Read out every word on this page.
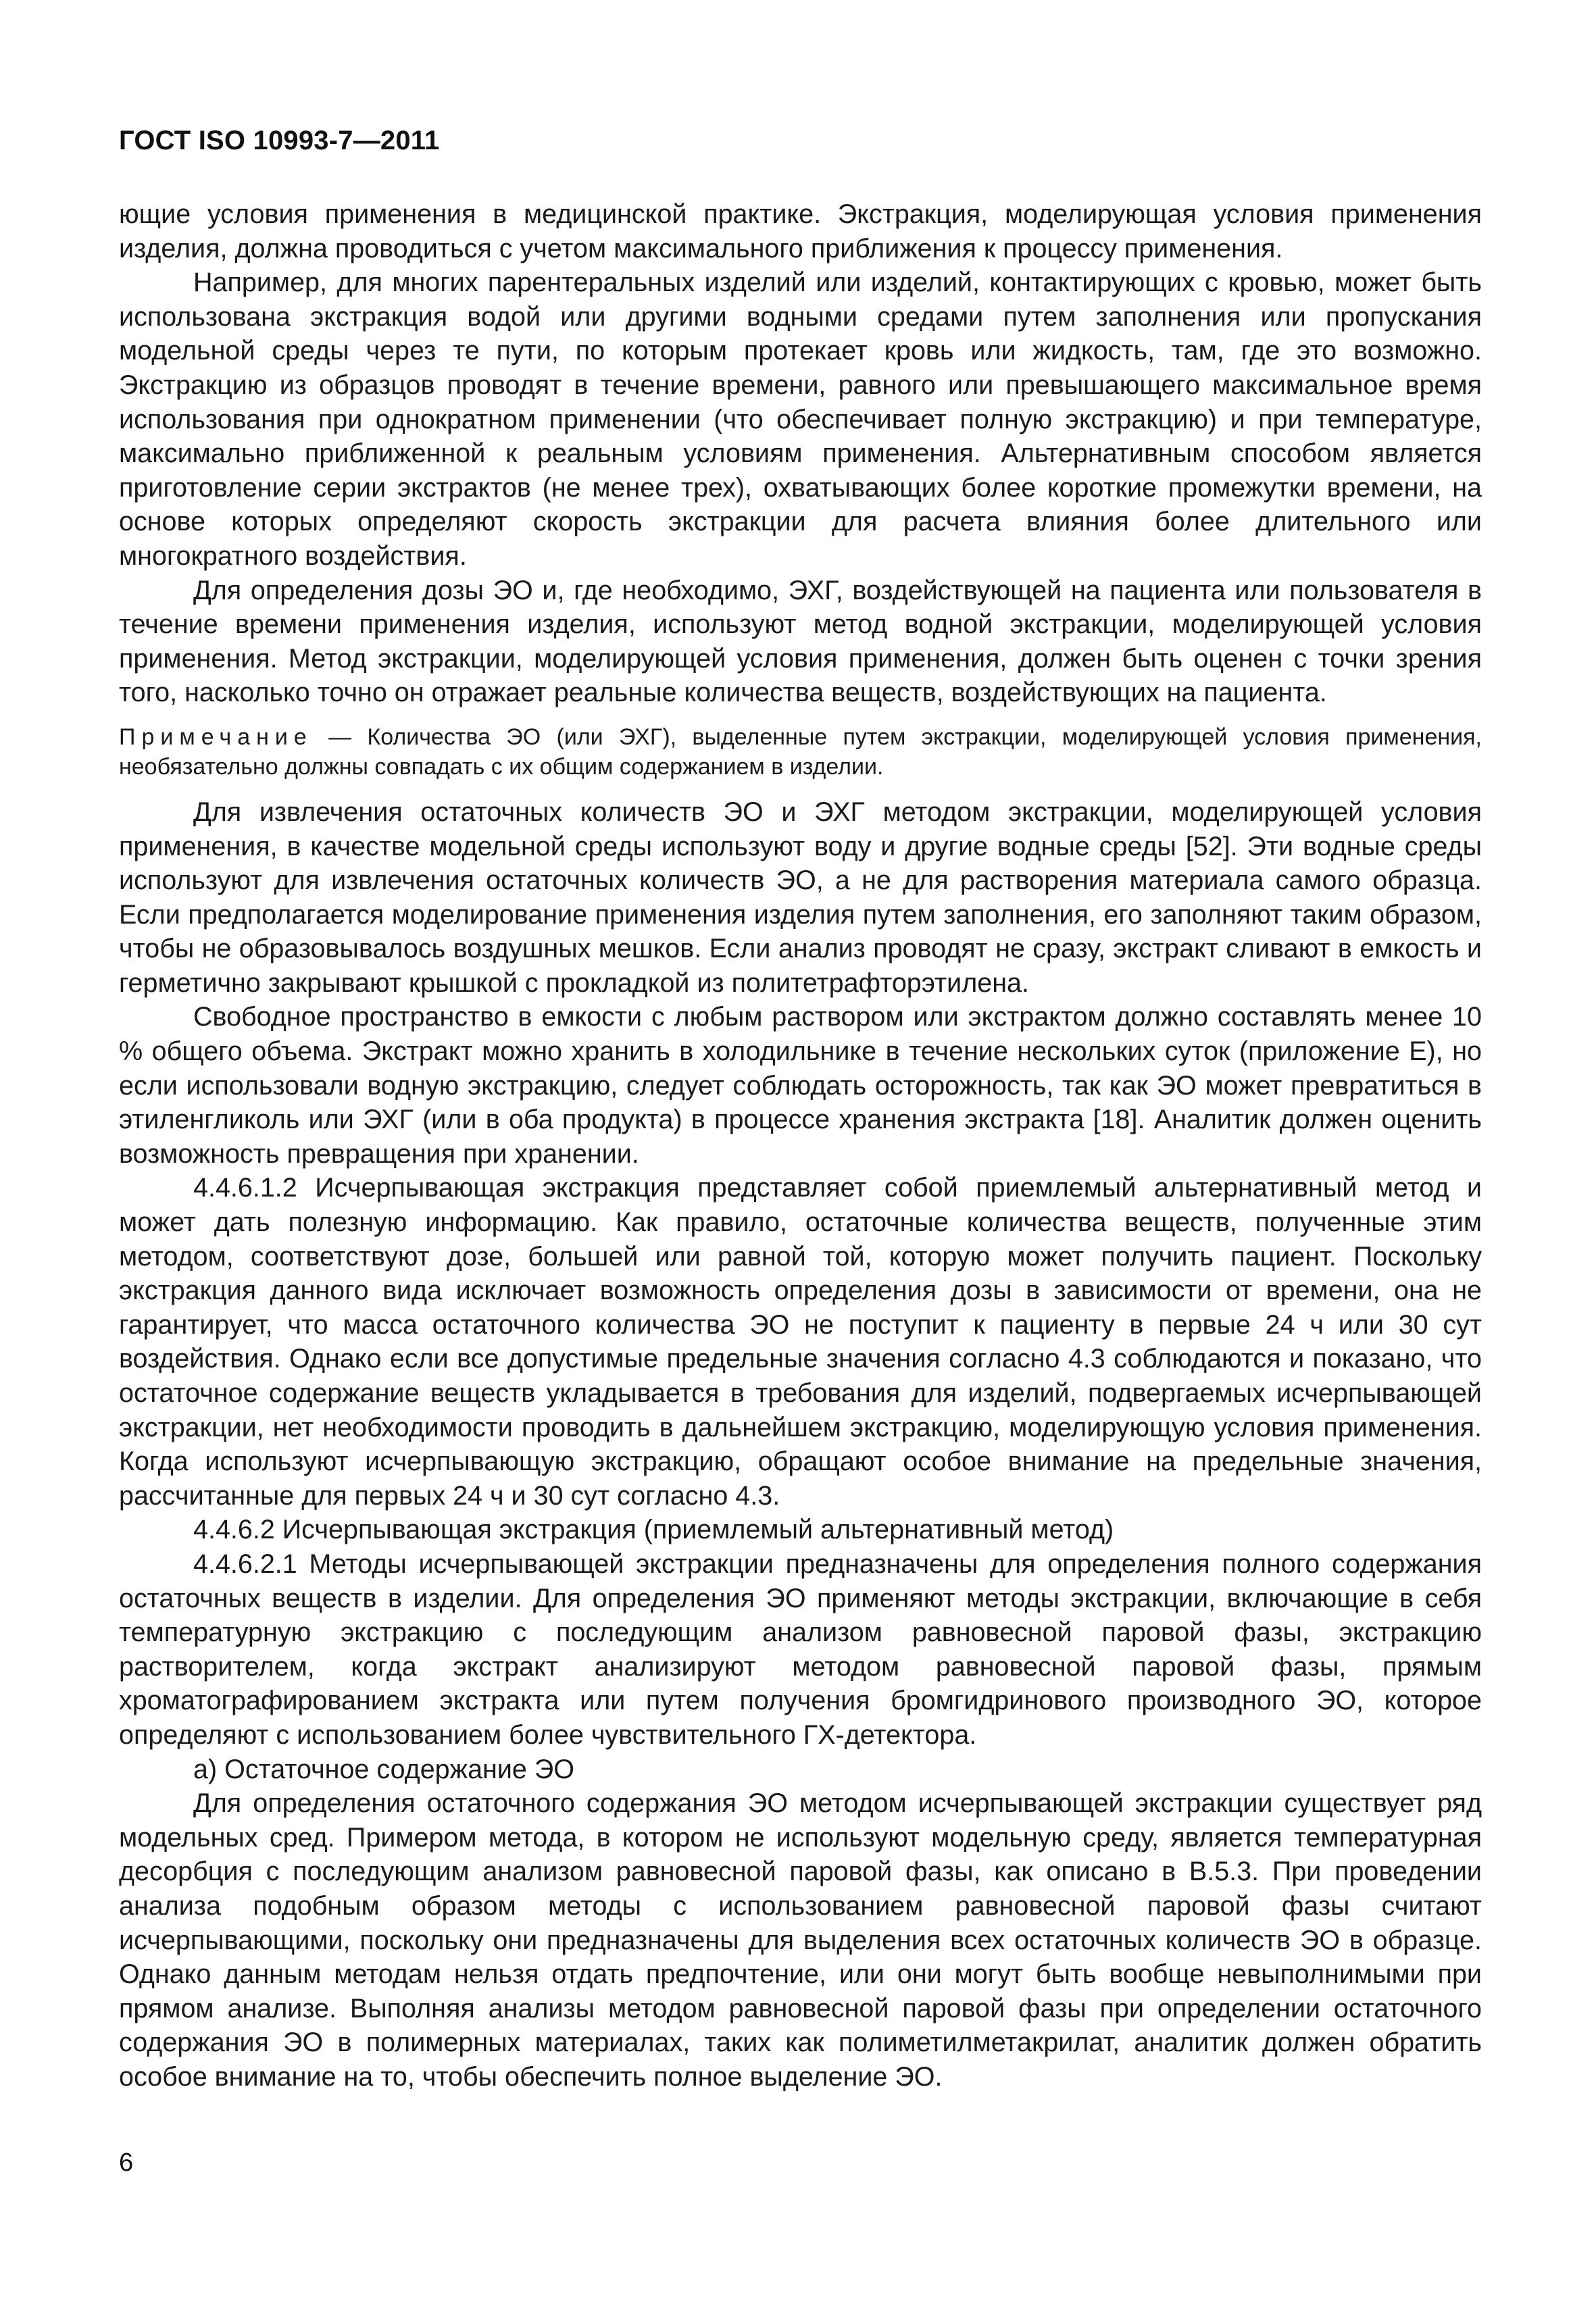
ГОСТ ISO 10993-7—2011

ющие условия применения в медицинской практике. Экстракция, моделирующая условия применения изделия, должна проводиться с учетом максимального приближения к процессу применения.

Например, для многих парентеральных изделий или изделий, контактирующих с кровью, может быть использована экстракция водой или другими водными средами путем заполнения или пропускания модельной среды через те пути, по которым протекает кровь или жидкость, там, где это возможно. Экстракцию из образцов проводят в течение времени, равного или превышающего максимальное время использования при однократном применении (что обеспечивает полную экстракцию) и при температуре, максимально приближенной к реальным условиям применения. Альтернативным способом является приготовление серии экстрактов (не менее трех), охватывающих более короткие промежутки времени, на основе которых определяют скорость экстракции для расчета влияния более длительного или многократного воздействия.

Для определения дозы ЭО и, где необходимо, ЭХГ, воздействующей на пациента или пользователя в течение времени применения изделия, используют метод водной экстракции, моделирующей условия применения. Метод экстракции, моделирующей условия применения, должен быть оценен с точки зрения того, насколько точно он отражает реальные количества веществ, воздействующих на пациента.

Примечание — Количества ЭО (или ЭХГ), выделенные путем экстракции, моделирующей условия применения, необязательно должны совпадать с их общим содержанием в изделии.

Для извлечения остаточных количеств ЭО и ЭХГ методом экстракции, моделирующей условия применения, в качестве модельной среды используют воду и другие водные среды [52]. Эти водные среды используют для извлечения остаточных количеств ЭО, а не для растворения материала самого образца. Если предполагается моделирование применения изделия путем заполнения, его заполняют таким образом, чтобы не образовывалось воздушных мешков. Если анализ проводят не сразу, экстракт сливают в емкость и герметично закрывают крышкой с прокладкой из политетрафторэтилена.

Свободное пространство в емкости с любым раствором или экстрактом должно составлять менее 10 % общего объема. Экстракт можно хранить в холодильнике в течение нескольких суток (приложение Е), но если использовали водную экстракцию, следует соблюдать осторожность, так как ЭО может превратиться в этиленгликоль или ЭХГ (или в оба продукта) в процессе хранения экстракта [18]. Аналитик должен оценить возможность превращения при хранении.

4.4.6.1.2 Исчерпывающая экстракция представляет собой приемлемый альтернативный метод и может дать полезную информацию. Как правило, остаточные количества веществ, полученные этим методом, соответствуют дозе, большей или равной той, которую может получить пациент. Поскольку экстракция данного вида исключает возможность определения дозы в зависимости от времени, она не гарантирует, что масса остаточного количества ЭО не поступит к пациенту в первые 24 ч или 30 сут воздействия. Однако если все допустимые предельные значения согласно 4.3 соблюдаются и показано, что остаточное содержание веществ укладывается в требования для изделий, подвергаемых исчерпывающей экстракции, нет необходимости проводить в дальнейшем экстракцию, моделирующую условия применения. Когда используют исчерпывающую экстракцию, обращают особое внимание на предельные значения, рассчитанные для первых 24 ч и 30 сут согласно 4.3.

4.4.6.2 Исчерпывающая экстракция (приемлемый альтернативный метод)

4.4.6.2.1 Методы исчерпывающей экстракции предназначены для определения полного содержания остаточных веществ в изделии. Для определения ЭО применяют методы экстракции, включающие в себя температурную экстракцию с последующим анализом равновесной паровой фазы, экстракцию растворителем, когда экстракт анализируют методом равновесной паровой фазы, прямым хроматографированием экстракта или путем получения бромгидринового производного ЭО, которое определяют с использованием более чувствительного ГХ-детектора.

а) Остаточное содержание ЭО

Для определения остаточного содержания ЭО методом исчерпывающей экстракции существует ряд модельных сред. Примером метода, в котором не используют модельную среду, является температурная десорбция с последующим анализом равновесной паровой фазы, как описано в В.5.3. При проведении анализа подобным образом методы с использованием равновесной паровой фазы считают исчерпывающими, поскольку они предназначены для выделения всех остаточных количеств ЭО в образце. Однако данным методам нельзя отдать предпочтение, или они могут быть вообще невыполнимыми при прямом анализе. Выполняя анализы методом равновесной паровой фазы при определении остаточного содержания ЭО в полимерных материалах, таких как полиметилметакрилат, аналитик должен обратить особое внимание на то, чтобы обеспечить полное выделение ЭО.

6
